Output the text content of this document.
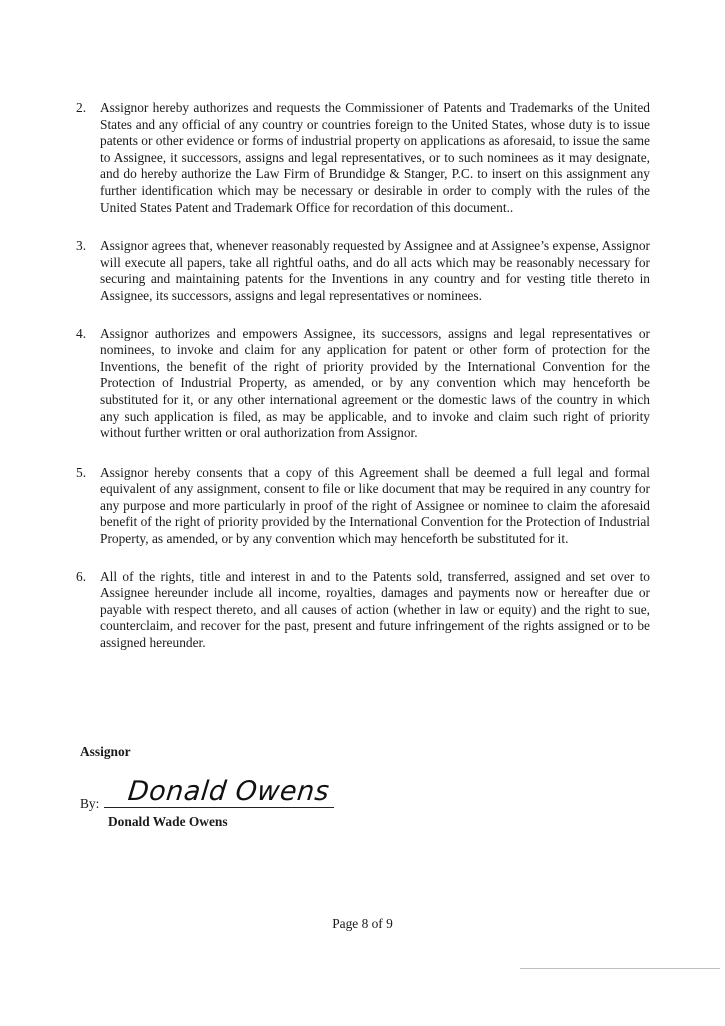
2.	Assignor hereby authorizes and requests the Commissioner of Patents and Trademarks of the United States and any official of any country or countries foreign to the United States, whose duty is to issue patents or other evidence or forms of industrial property on applications as aforesaid, to issue the same to Assignee, it successors, assigns and legal representatives, or to such nominees as it may designate, and do hereby authorize the Law Firm of Brundidge & Stanger, P.C. to insert on this assignment any further identification which may be necessary or desirable in order to comply with the rules of the United States Patent and Trademark Office for recordation of this document..
3.	Assignor agrees that, whenever reasonably requested by Assignee and at Assignee’s expense, Assignor will execute all papers, take all rightful oaths, and do all acts which may be reasonably necessary for securing and maintaining patents for the Inventions in any country and for vesting title thereto in Assignee, its successors, assigns and legal representatives or nominees.
4.	Assignor authorizes and empowers Assignee, its successors, assigns and legal representatives or nominees, to invoke and claim for any application for patent or other form of protection for the Inventions, the benefit of the right of priority provided by the International Convention for the Protection of Industrial Property, as amended, or by any convention which may henceforth be substituted for it, or any other international agreement or the domestic laws of the country in which any such application is filed, as may be applicable, and to invoke and claim such right of priority without further written or oral authorization from Assignor.
5.	Assignor hereby consents that a copy of this Agreement shall be deemed a full legal and formal equivalent of any assignment, consent to file or like document that may be required in any country for any purpose and more particularly in proof of the right of Assignee or nominee to claim the aforesaid benefit of the right of priority provided by the International Convention for the Protection of Industrial Property, as amended, or by any convention which may henceforth be substituted for it.
6.	All of the rights, title and interest in and to the Patents sold, transferred, assigned and set over to Assignee hereunder include all income, royalties, damages and payments now or hereafter due or payable with respect thereto, and all causes of action (whether in law or equity) and the right to sue, counterclaim, and recover for the past, present and future infringement of the rights assigned or to be assigned hereunder.
Assignor
By: Donald Owens
Donald Wade Owens
Page 8 of 9
